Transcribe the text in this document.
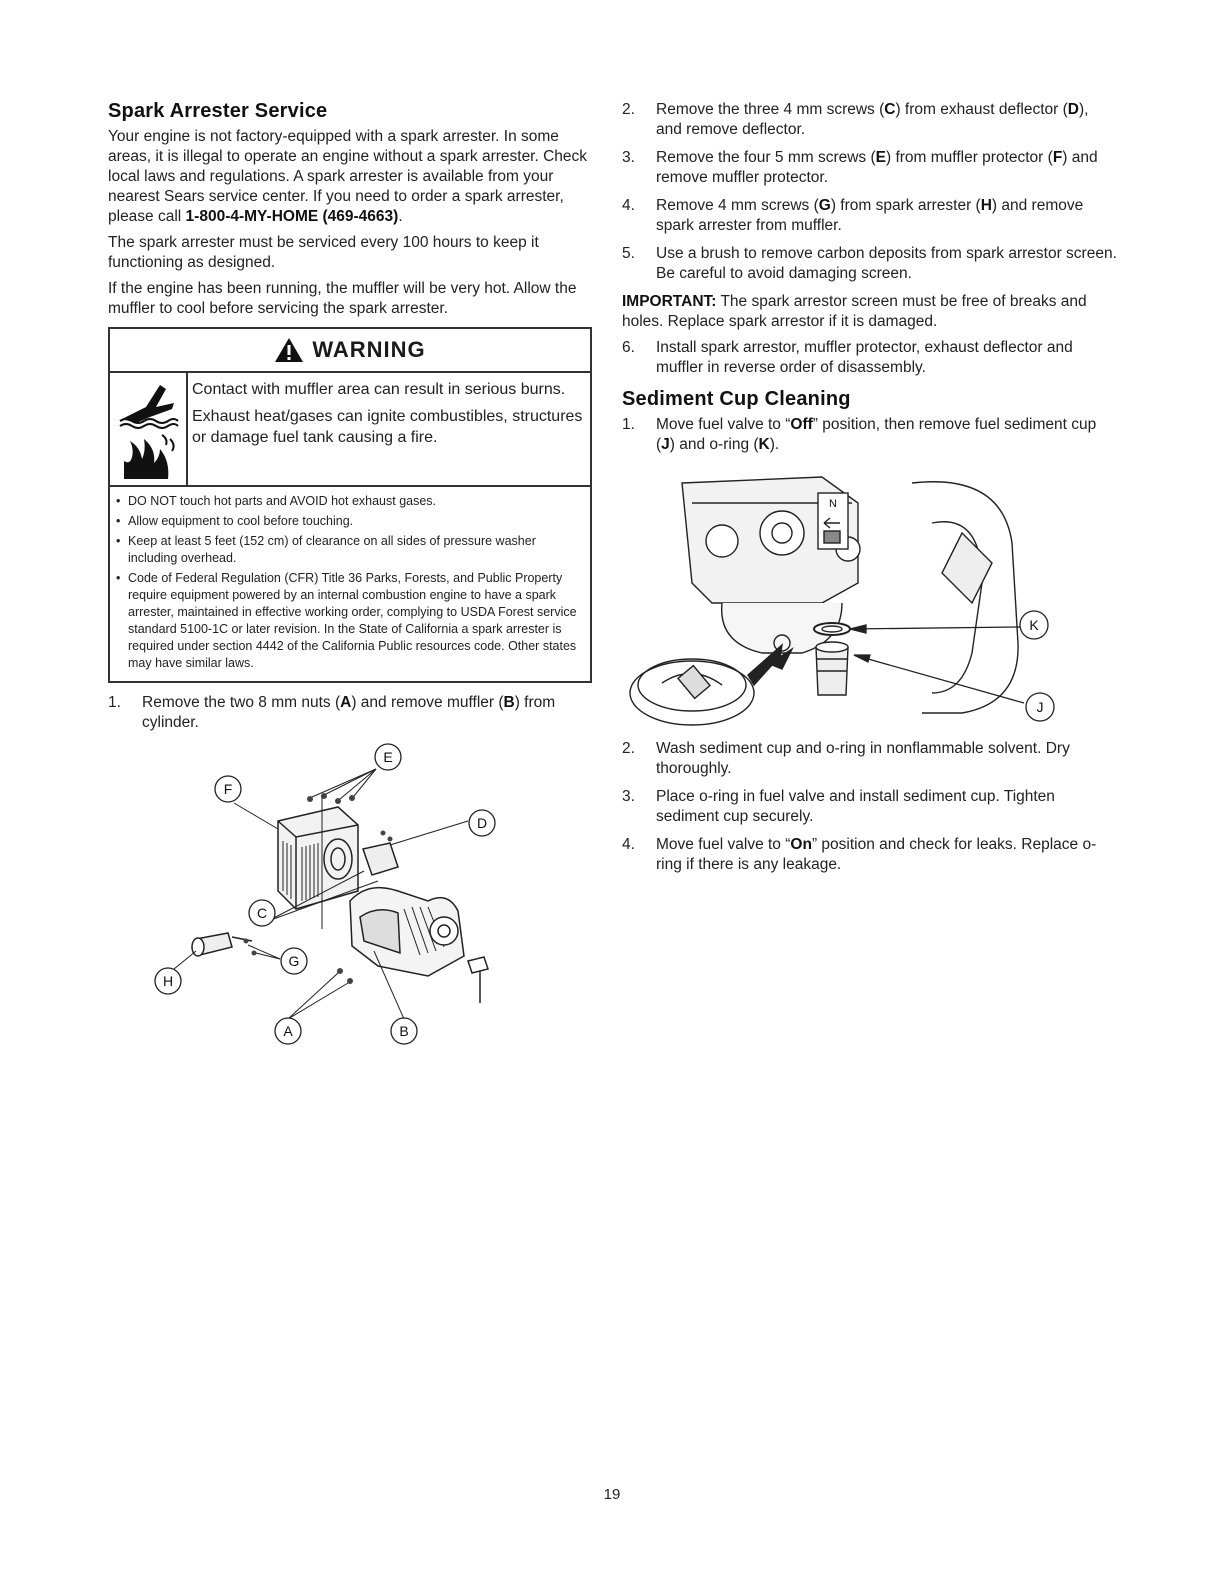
Spark Arrester Service

Your engine is not factory-equipped with a spark arrester. In some areas, it is illegal to operate an engine without a spark arrester. Check local laws and regulations. A spark arrester is available from your nearest Sears service center. If you need to order a spark arrester, please call 1-800-4-MY-HOME (469-4663).

The spark arrester must be serviced every 100 hours to keep it functioning as designed.

If the engine has been running, the muffler will be very hot. Allow the muffler to cool before servicing the spark arrester.

WARNING

Contact with muffler area can result in serious burns.

Exhaust heat/gases can ignite combustibles, structures or damage fuel tank causing a fire.

• DO NOT touch hot parts and AVOID hot exhaust gases.
• Allow equipment to cool before touching.
• Keep at least 5 feet (152 cm) of clearance on all sides of pressure washer including overhead.
• Code of Federal Regulation (CFR) Title 36 Parks, Forests, and Public Property require equipment powered by an internal combustion engine to have a spark arrester, maintained in effective working order, complying to USDA Forest service standard 5100-1C or later revision. In the State of California a spark arrester is required under section 4442 of the California Public resources code. Other states may have similar laws.
1.	Remove the two 8 mm nuts (A) and remove muffler (B) from cylinder.
E
F
D
C
G
H
A	B
2.	Remove the three 4 mm screws (C) from exhaust deflector (D), and remove deflector.
3.	Remove the four 5 mm screws (E) from muffler protector (F) and remove muffler protector.
4.	Remove 4 mm screws (G) from spark arrester (H) and remove spark arrester from muffler.
5.	Use a brush to remove carbon deposits from spark arrestor screen. Be careful to avoid damaging screen.

IMPORTANT: The spark arrestor screen must be free of breaks and holes. Replace spark arrestor if it is damaged.

6.	Install spark arrestor, muffler protector, exhaust deflector and muffler in reverse order of disassembly.
Sediment Cup Cleaning
1.	Move fuel valve to “Off” position, then remove fuel sediment cup (J) and o-ring (K).
N
K
J
2.	Wash sediment cup and o-ring in nonflammable solvent. Dry thoroughly.
3.	Place o-ring in fuel valve and install sediment cup. Tighten sediment cup securely.
4.	Move fuel valve to “On” position and check for leaks. Replace o-ring if there is any leakage.
19
